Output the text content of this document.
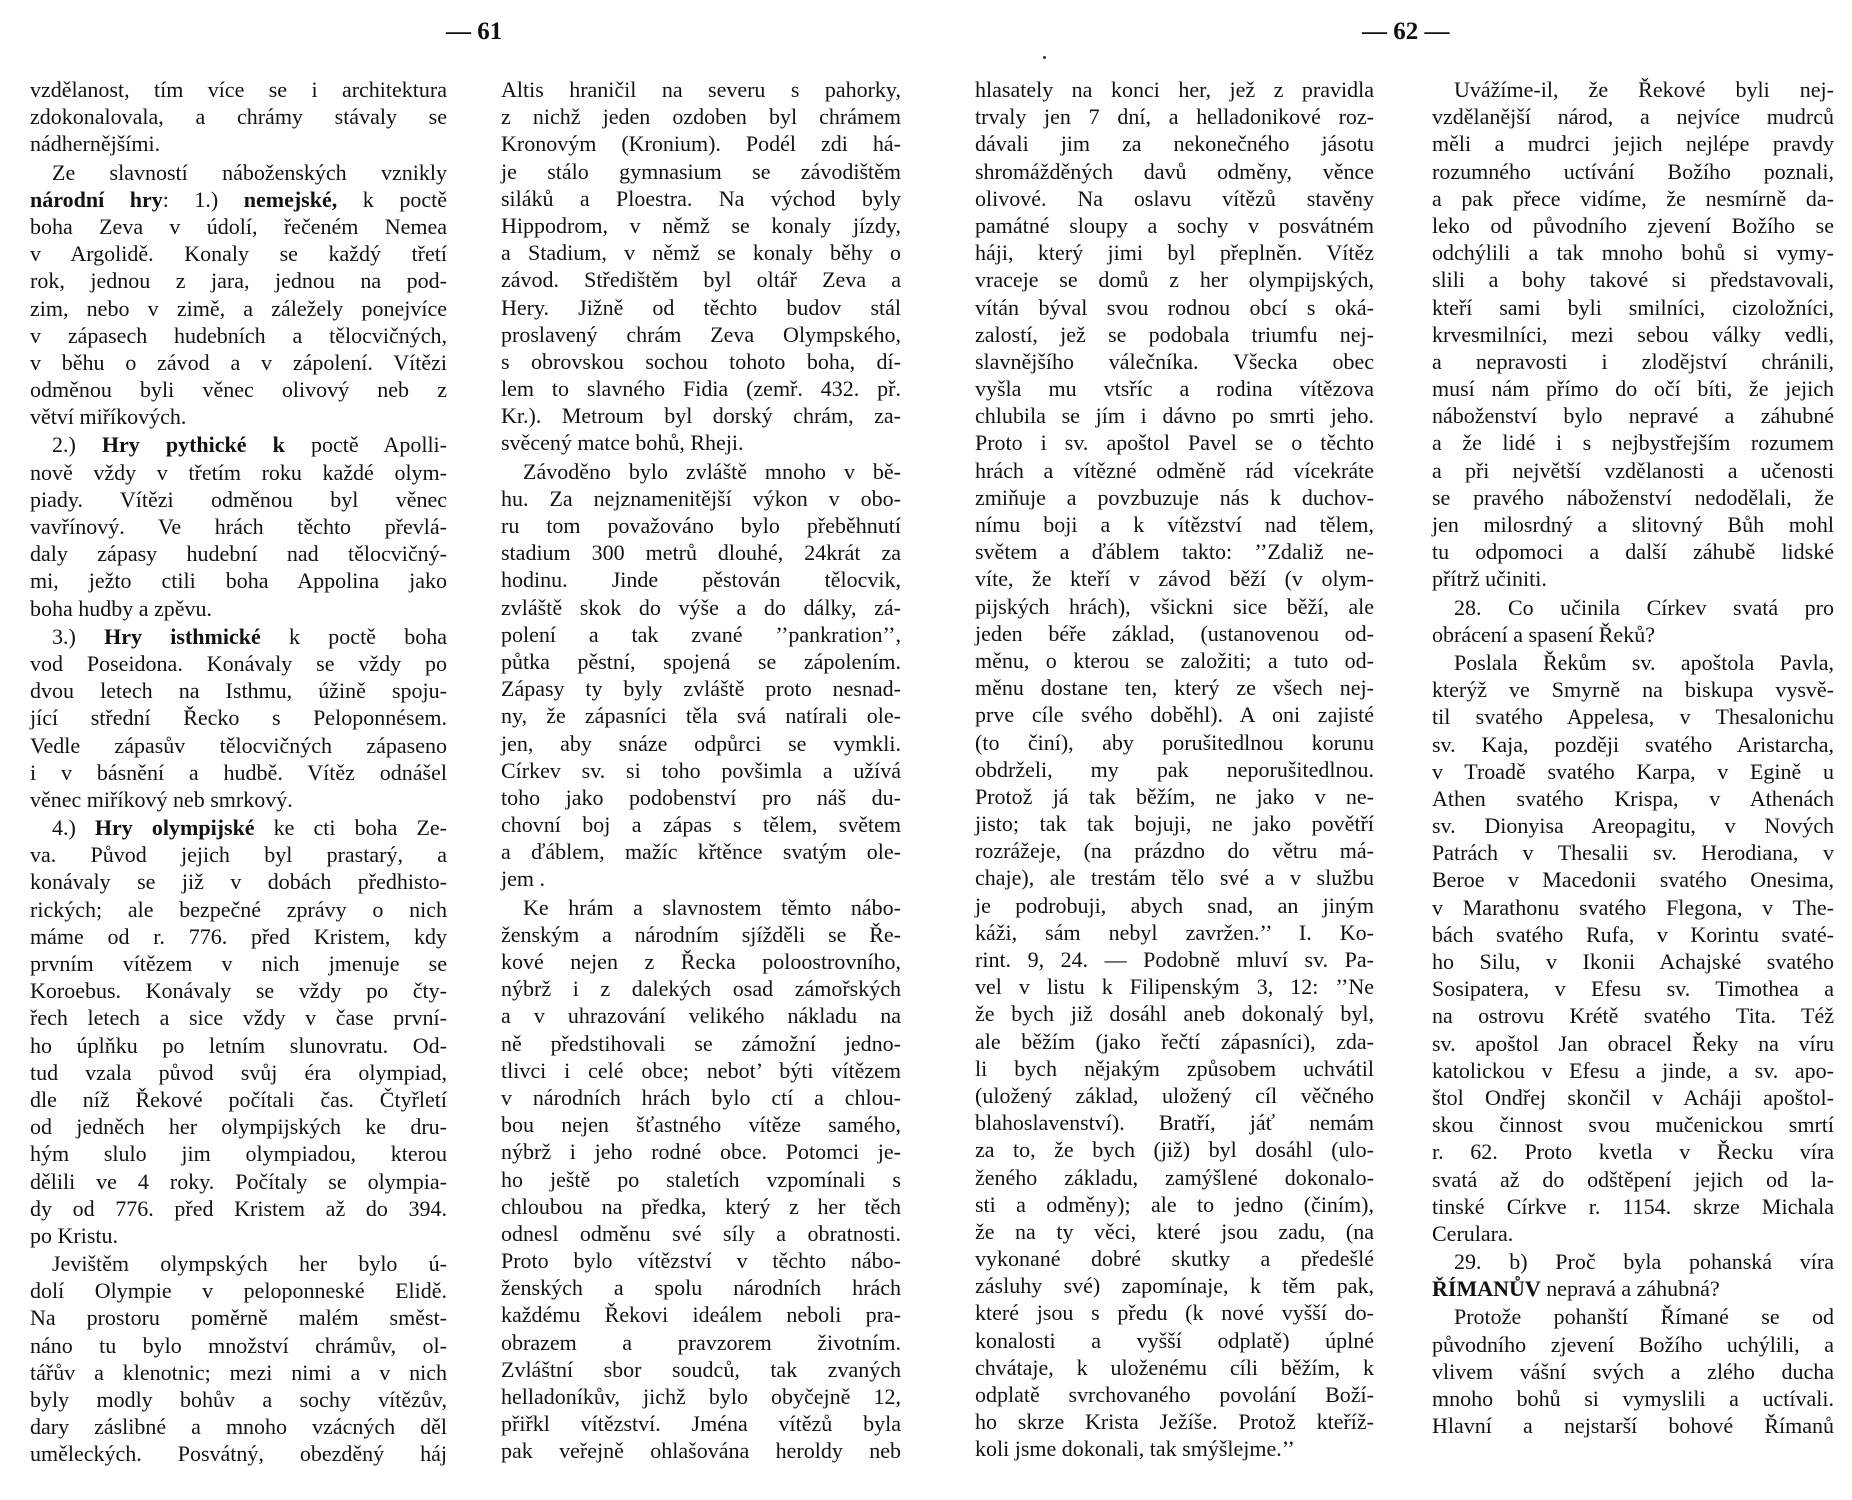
— 61	— 62 —
vzdělanost, tím více se i architektura
zdokonalovala, a chrámy stávaly se
nádhernějšími.
Ze slavností náboženských vznikly
národní hry: 1.) nemejské, k poctě
boha Zeva v údolí, řečeném Nemea
v Argolidě. Konaly se každý třetí
rok, jednou z jara, jednou na pod-
zim, nebo v zimě, a záležely ponejvíce
v zápasech hudebních a tělocvičných,
v běhu o závod a v zápolení. Vítězi
odměnou byli věnec olivový neb z
větví miříkových.
2.) Hry pythické k poctě Apolli-
nově vždy v třetím roku každé olym-
piady. Vítězi odměnou byl věnec
vavřínový. Ve hrách těchto převlá-
daly zápasy hudební nad tělocvičný-
mi, ježto ctili boha Appolina jako
boha hudby a zpěvu.
3.) Hry isthmické k poctě boha
vod Poseidona. Konávaly se vždy po
dvou letech na Isthmu, úžině spoju-
jící střední Řecko s Peloponnésem.
Vedle zápasův tělocvičných zápaseno
i v básnění a hudbě. Vítěz odnášel
věnec miříkový neb smrkový.
4.) Hry olympijské ke cti boha Ze-
va. Původ jejich byl prastarý, a
konávaly se již v dobách předhisto-
rických; ale bezpečné zprávy o nich
máme od r. 776. před Kristem, kdy
prvním vítězem v nich jmenuje se
Koroebus. Konávaly se vždy po čty-
řech letech a sice vždy v čase první-
ho úplňku po letním slunovratu. Od-
tud vzala původ svůj éra olympiad,
dle níž Řekové počítali čas. Čtyřletí
od jedněch her olympijských ke dru-
hým slulo jim olympiadou, kterou
dělili ve 4 roky. Počítaly se olympia-
dy od 776. před Kristem až do 394.
po Kristu.
Jevištěm olympských her bylo ú-
dolí Olympie v peloponneské Elidě.
Na prostoru poměrně malém směst-
náno tu bylo množství chrámův, ol-
tářův a klenotnic; mezi nimi a v nich
byly modly bohův a sochy vítězův,
dary záslibné a mnoho vzácných děl
uměleckých. Posvátný, obezděný háj
Altis hraničil na severu s pahorky,
z nichž jeden ozdoben byl chrámem
Kronovým (Kronium). Podél zdi há-
je stálo gymnasium se závodištěm
siláků a Ploestra. Na východ byly
Hippodrom, v němž se konaly jízdy,
a Stadium, v němž se konaly běhy o
závod. Středištěm byl oltář Zeva a
Hery. Jižně od těchto budov stál
proslavený chrám Zeva Olympského,
s obrovskou sochou tohoto boha, dí-
lem to slavného Fidia (zemř. 432. př.
Kr.). Metroum byl dorský chrám, za-
svěcený matce bohů, Rheji.
Závoděno bylo zvláště mnoho v bě-
hu. Za nejznamenitější výkon v obo-
ru tom považováno bylo přeběhnutí
stadium 300 metrů dlouhé, 24krát za
hodinu. Jinde pěstován tělocvik,
zvláště skok do výše a do dálky, zá-
polení a tak zvané ’’pankration’’,
půtka pěstní, spojená se zápolením.
Zápasy ty byly zvláště proto nesnad-
ny, že zápasníci těla svá natírali ole-
jen, aby snáze odpůrci se vymkli.
Církev sv. si toho povšimla a užívá
toho jako podobenství pro náš du-
chovní boj a zápas s tělem, světem
a ďáblem, mažíc křtěnce svatým ole-
jem .
Ke hrám a slavnostem těmto nábo-
ženským a národním sjížděli se Ře-
kové nejen z Řecka poloostrovního,
nýbrž i z dalekých osad zámořských
a v uhrazování velikého nákladu na
ně předstihovali se zámožní jedno-
tlivci i celé obce; nebot’ býti vítězem
v národních hrách bylo ctí a chlou-
bou nejen šťastného vítěze samého,
nýbrž i jeho rodné obce. Potomci je-
ho ještě po staletích vzpomínali s
chloubou na předka, který z her těch
odnesl odměnu své síly a obratnosti.
Proto bylo vítězství v těchto nábo-
ženských a spolu národních hrách
každému Řekovi ideálem neboli pra-
obrazem a pravzorem životním.
Zvláštní sbor soudců, tak zvaných
helladoníkův, jichž bylo obyčejně 12,
přiřkl vítězství. Jména vítězů byla
pak veřejně ohlašována heroldy neb
hlasately na konci her, jež z pravidla
trvaly jen 7 dní, a helladonikové roz-
dávali jim za nekonečného jásotu
shromážděných davů odměny, věnce
olivové. Na oslavu vítězů stavěny
památné sloupy a sochy v posvátném
háji, který jimi byl přeplněn. Vítěz
vraceje se domů z her olympijských,
vítán býval svou rodnou obcí s oká-
zalostí, jež se podobala triumfu nej-
slavnějšího válečníka. Všecka obec
vyšla mu vtsříc a rodina vítězova
chlubila se jím i dávno po smrti jeho.
Proto i sv. apoštol Pavel se o těchto
hrách a vítězné odměně rád vícekráte
zmiňuje a povzbuzuje nás k duchov-
nímu boji a k vítězství nad tělem,
světem a ďáblem takto: ’’Zdaliž ne-
víte, že kteří v závod běží (v olym-
pijských hrách), všickni sice běží, ale
jeden béře základ, (ustanovenou od-
měnu, o kterou se založiti; a tuto od-
měnu dostane ten, který ze všech nej-
prve cíle svého doběhl). A oni zajisté
(to činí), aby porušitedlnou korunu
obdrželi, my pak neporušitedlnou.
Protož já tak běžím, ne jako v ne-
jisto; tak tak bojuji, ne jako povětří
rozrážeje, (na prázdno do větru má-
chaje), ale trestám tělo své a v službu
je podrobuji, abych snad, an jiným
káži, sám nebyl zavržen.’’ I. Ko-
rint. 9, 24. — Podobně mluví sv. Pa-
vel v listu k Filipenským 3, 12: ’’Ne
že bych již dosáhl aneb dokonalý byl,
ale běžím (jako řečtí zápasníci), zda-
li bych nějakým způsobem uchvátil
(uložený základ, uložený cíl věčného
blahoslavenství). Bratří, jáť nemám
za to, že bych (již) byl dosáhl (ulo-
ženého základu, zamýšlené dokonalo-
sti a odměny); ale to jedno (činím),
že na ty věci, které jsou zadu, (na
vykonané dobré skutky a předešlé
zásluhy své) zapomínaje, k těm pak,
které jsou s předu (k nové vyšší do-
konalosti a vyšší odplatě) úplné
chvátaje, k uloženému cíli běžím, k
odplatě svrchovaného povolání Boží-
ho skrze Krista Ježíše. Protož kteříž-
koli jsme dokonali, tak smýšlejme.’’
Uvážíme-il, že Řekové byli nej-
vzdělanější národ, a nejvíce mudrců
měli a mudrci jejich nejlépe pravdy
rozumného uctívání Božího poznali,
a pak přece vidíme, že nesmírně da-
leko od původního zjevení Božího se
odchýlili a tak mnoho bohů si vymy-
slili a bohy takové si představovali,
kteří sami byli smilníci, cizoložníci,
krvesmilníci, mezi sebou války vedli,
a nepravosti i zlodějství chránili,
musí nám přímo do očí bíti, že jejich
náboženství bylo nepravé a záhubné
a že lidé i s nejbystřejším rozumem
a při největší vzdělanosti a učenosti
se pravého náboženství nedodělali, že
jen milosrdný a slitovný Bůh mohl
tu odpomoci a další záhubě lidské
přítrž učiniti.
28. Co učinila Církev svatá pro
obrácení a spasení Řeků?
Poslala Řekům sv. apoštola Pavla,
kterýž ve Smyrně na biskupa vysvě-
til svatého Appelesa, v Thesalonichu
sv. Kaja, později svatého Aristarcha,
v Troadě svatého Karpa, v Egině u
Athen svatého Krispa, v Athenách
sv. Dionyisa Areopagitu, v Nových
Patrách v Thesalii sv. Herodiana, v
Beroe v Macedonii svatého Onesima,
v Marathonu svatého Flegona, v The-
bách svatého Rufa, v Korintu svaté-
ho Silu, v Ikonii Achajské svatého
Sosipatera, v Efesu sv. Timothea a
na ostrovu Krétě svatého Tita. Též
sv. apoštol Jan obracel Řeky na víru
katolickou v Efesu a jinde, a sv. apo-
štol Ondřej skončil v Acháji apoštol-
skou činnost svou mučenickou smrtí
r. 62. Proto kvetla v Řecku víra
svatá až do odštěpení jejich od la-
tinské Církve r. 1154. skrze Michala
Cerulara.
29. b) Proč byla pohanská víra
ŘÍMANŮV nepravá a záhubná?
Protože pohanští Římané se od
původního zjevení Božího uchýlili, a
vlivem vášní svých a zlého ducha
mnoho bohů si vymyslili a uctívali.
Hlavní a nejstarší bohové Římanů
